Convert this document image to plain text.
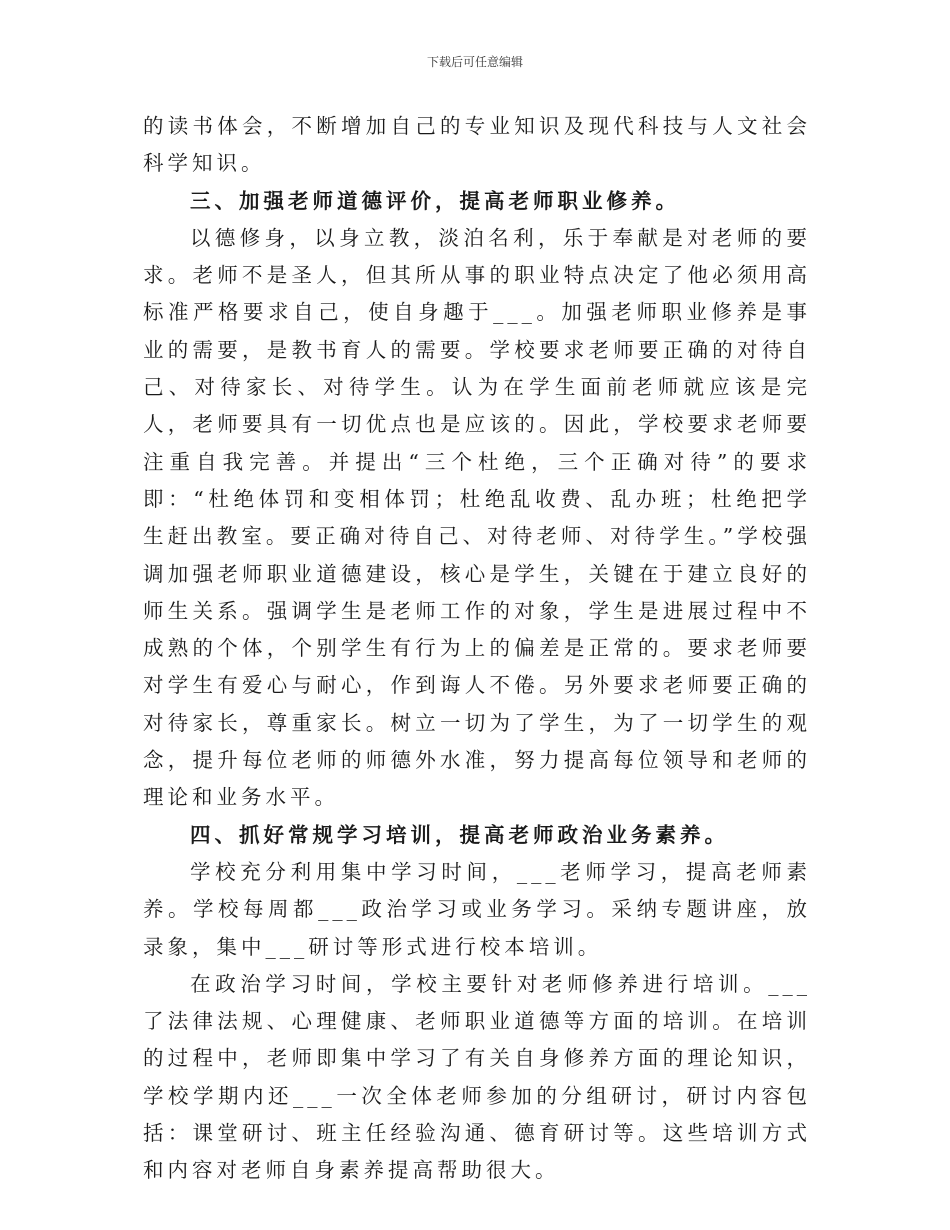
下载后可任意编辑

的读书体会，不断增加自己的专业知识及现代科技与人文社会科学知识。

三、加强老师道德评价，提高老师职业修养。

以德修身，以身立教，淡泊名利，乐于奉献是对老师的要求。老师不是圣人，但其所从事的职业特点决定了他必须用高标准严格要求自己，使自身趣于___。加强老师职业修养是事业的需要，是教书育人的需要。学校要求老师要正确的对待自己、对待家长、对待学生。认为在学生面前老师就应该是完人，老师要具有一切优点也是应该的。因此，学校要求老师要注重自我完善。并提出“三个杜绝，三个正确对待”的要求即：“杜绝体罚和变相体罚；杜绝乱收费、乱办班；杜绝把学生赶出教室。要正确对待自己、对待老师、对待学生。”学校强调加强老师职业道德建设，核心是学生，关键在于建立良好的师生关系。强调学生是老师工作的对象，学生是进展过程中不成熟的个体，个别学生有行为上的偏差是正常的。要求老师要对学生有爱心与耐心，作到诲人不倦。另外要求老师要正确的对待家长，尊重家长。树立一切为了学生，为了一切学生的观念，提升每位老师的师德外水准，努力提高每位领导和老师的理论和业务水平。

四、抓好常规学习培训，提高老师政治业务素养。

学校充分利用集中学习时间，___老师学习，提高老师素养。学校每周都___政治学习或业务学习。采纳专题讲座，放录象，集中___研讨等形式进行校本培训。

在政治学习时间，学校主要针对老师修养进行培训。___了法律法规、心理健康、老师职业道德等方面的培训。在培训的过程中，老师即集中学习了有关自身修养方面的理论知识，学校学期内还___一次全体老师参加的分组研讨，研讨内容包括：课堂研讨、班主任经验沟通、德育研讨等。这些培训方式和内容对老师自身素养提高帮助很大。
